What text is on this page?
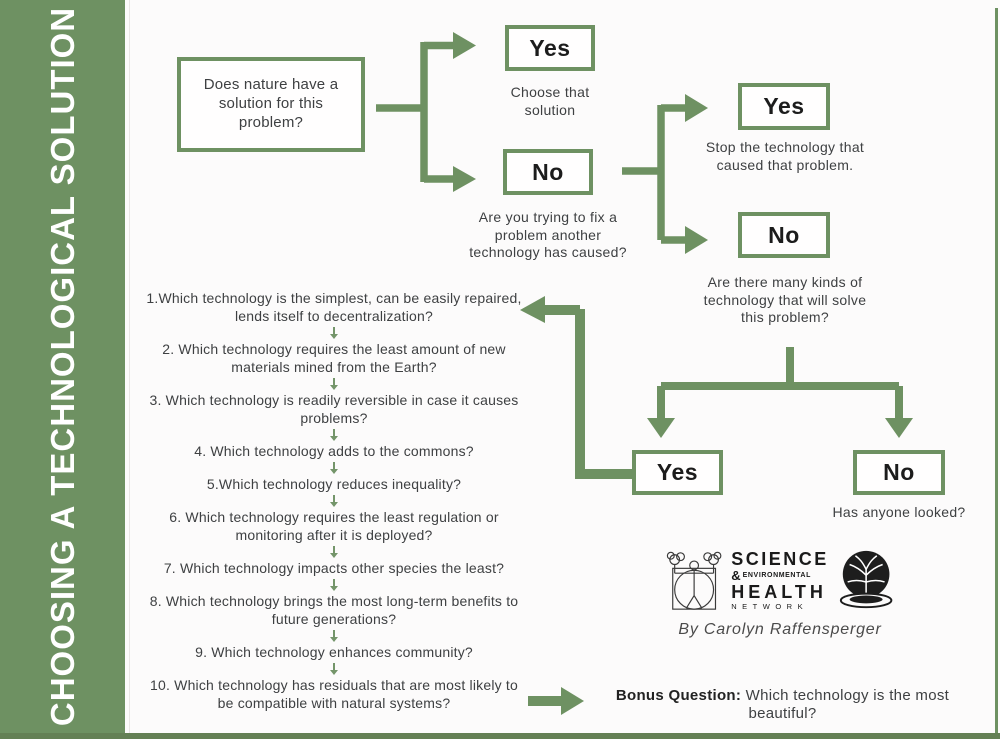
CHOOSING A TECHNOLOGICAL SOLUTION	Does nature have a solution for this problem?
Yes
Choose that solution
No
Are you trying to fix a problem another technology has caused?
Yes
Stop the technology that caused that problem.
No
Are there many kinds of technology that will solve this problem?
Yes	No
Has anyone looked?
1.Which technology is the simplest, can be easily repaired, lends itself to decentralization?
2. Which technology requires the least amount of new materials mined from the Earth?
3. Which technology is readily reversible in case it causes problems?
4. Which technology adds to the commons?
5.Which technology reduces inequality?
6. Which technology requires the least regulation or monitoring after it is deployed?
7. Which technology impacts other species the least?
8. Which technology brings the most long-term benefits to future generations?
9. Which technology enhances community?
10. Which technology has residuals that are most likely to be compatible with natural systems?
SCIENCE
& ENVIRONMENTAL
HEALTH
NETWORK
By Carolyn Raffensperger
Bonus Question: Which technology is the most beautiful?
